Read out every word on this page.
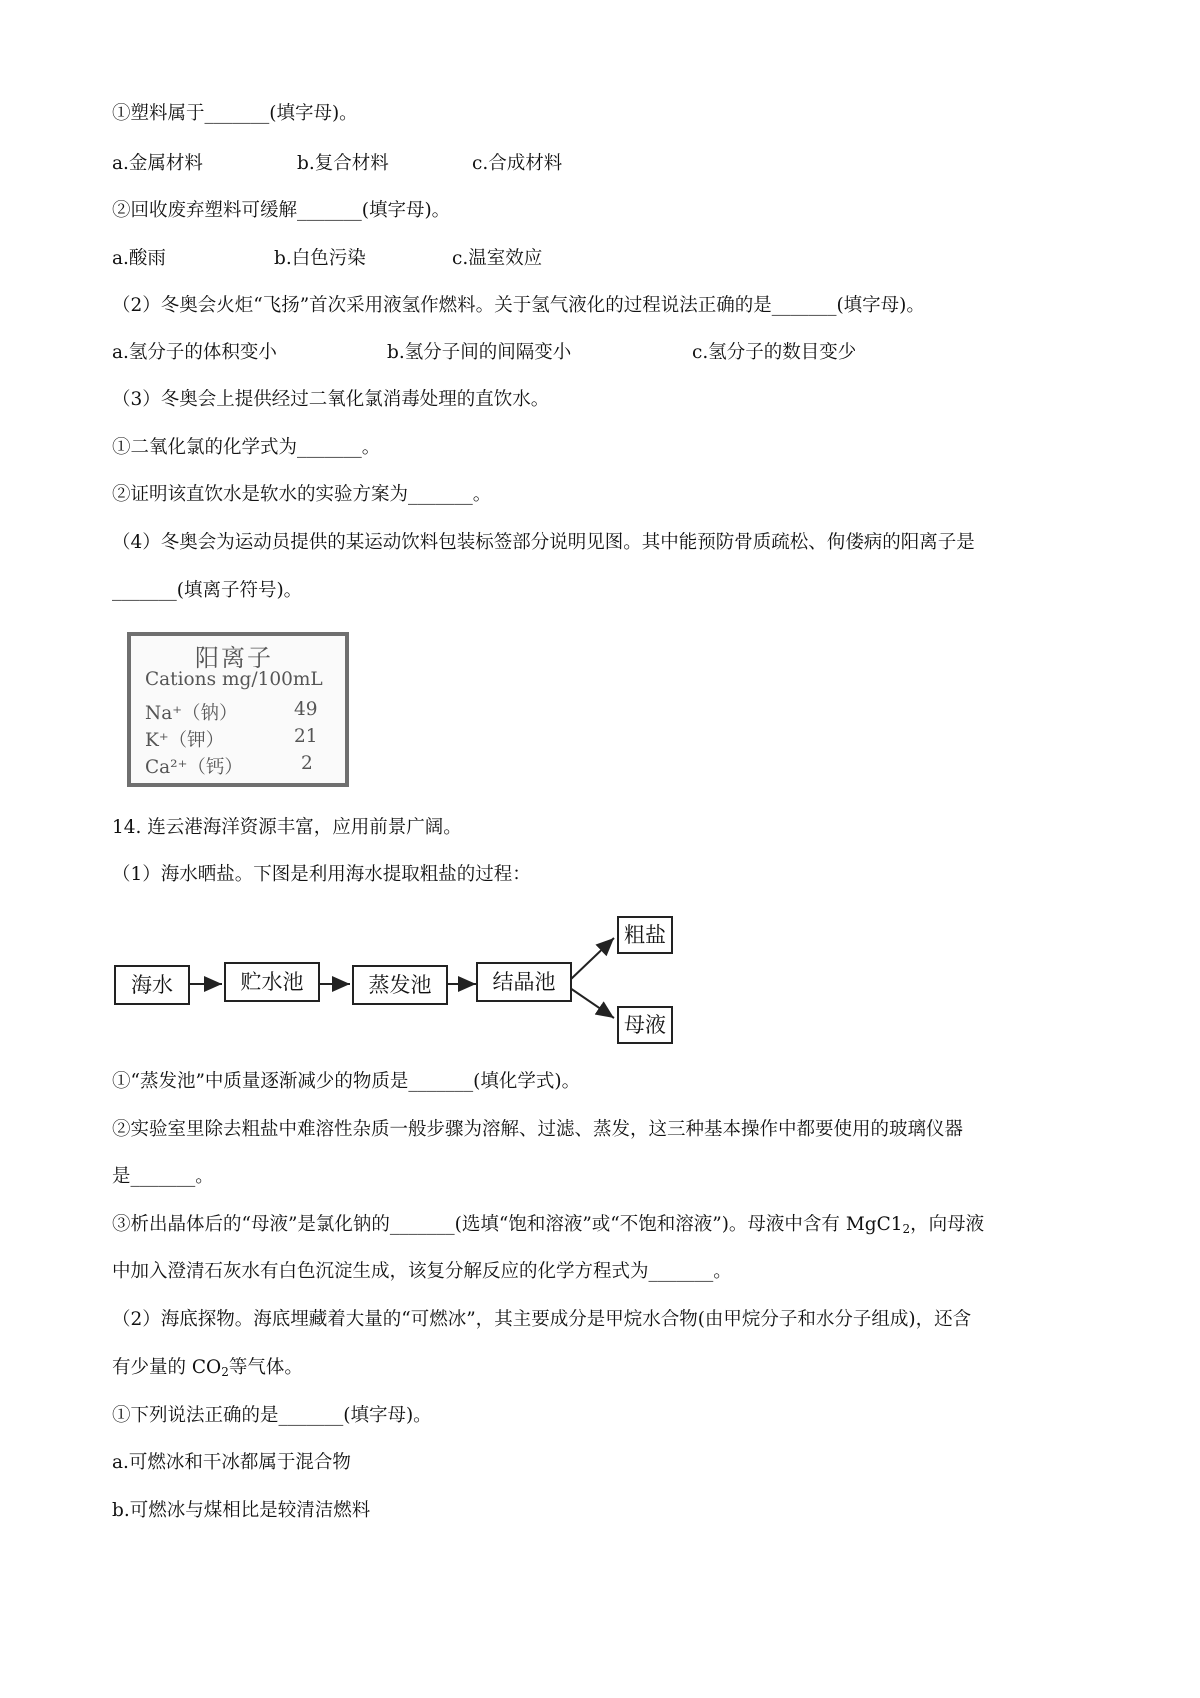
①塑料属于_______(填字母)。
a.金属材料	b.复合材料	c.合成材料
②回收废弃塑料可缓解_______(填字母)。
a.酸雨	b.白色污染	c.温室效应
（2）冬奥会火炬“飞扬”首次采用液氢作燃料。关于氢气液化的过程说法正确的是_______(填字母)。
a.氢分子的体积变小	b.氢分子间的间隔变小	c.氢分子的数目变少
（3）冬奥会上提供经过二氧化氯消毒处理的直饮水。
①二氧化氯的化学式为_______。
②证明该直饮水是软水的实验方案为_______。
（4）冬奥会为运动员提供的某运动饮料包装标签部分说明见图。其中能预防骨质疏松、佝偻病的阳离子是
_______(填离子符号)。
阳离子
Cations mg/100mL
Na⁺（钠）	49
K⁺（钾）	21
Ca²⁺（钙）	2
14. 连云港海洋资源丰富，应用前景广阔。
（1）海水晒盐。下图是利用海水提取粗盐的过程：
海水	贮水池	蒸发池	结晶池
粗盐
母液
①“蒸发池”中质量逐渐减少的物质是_______(填化学式)。
②实验室里除去粗盐中难溶性杂质一般步骤为溶解、过滤、蒸发，这三种基本操作中都要使用的玻璃仪器
是_______。
③析出晶体后的“母液”是氯化钠的_______(选填“饱和溶液”或“不饱和溶液”)。母液中含有 $MgC1_2$，向母液
中加入澄清石灰水有白色沉淀生成，该复分解反应的化学方程式为_______。
（2）海底探物。海底埋藏着大量的“可燃冰”，其主要成分是甲烷水合物(由甲烷分子和水分子组成)，还含
有少量的 $CO_2$等气体。
①下列说法正确的是_______(填字母)。
a.可燃冰和干冰都属于混合物
b.可燃冰与煤相比是较清洁燃料
